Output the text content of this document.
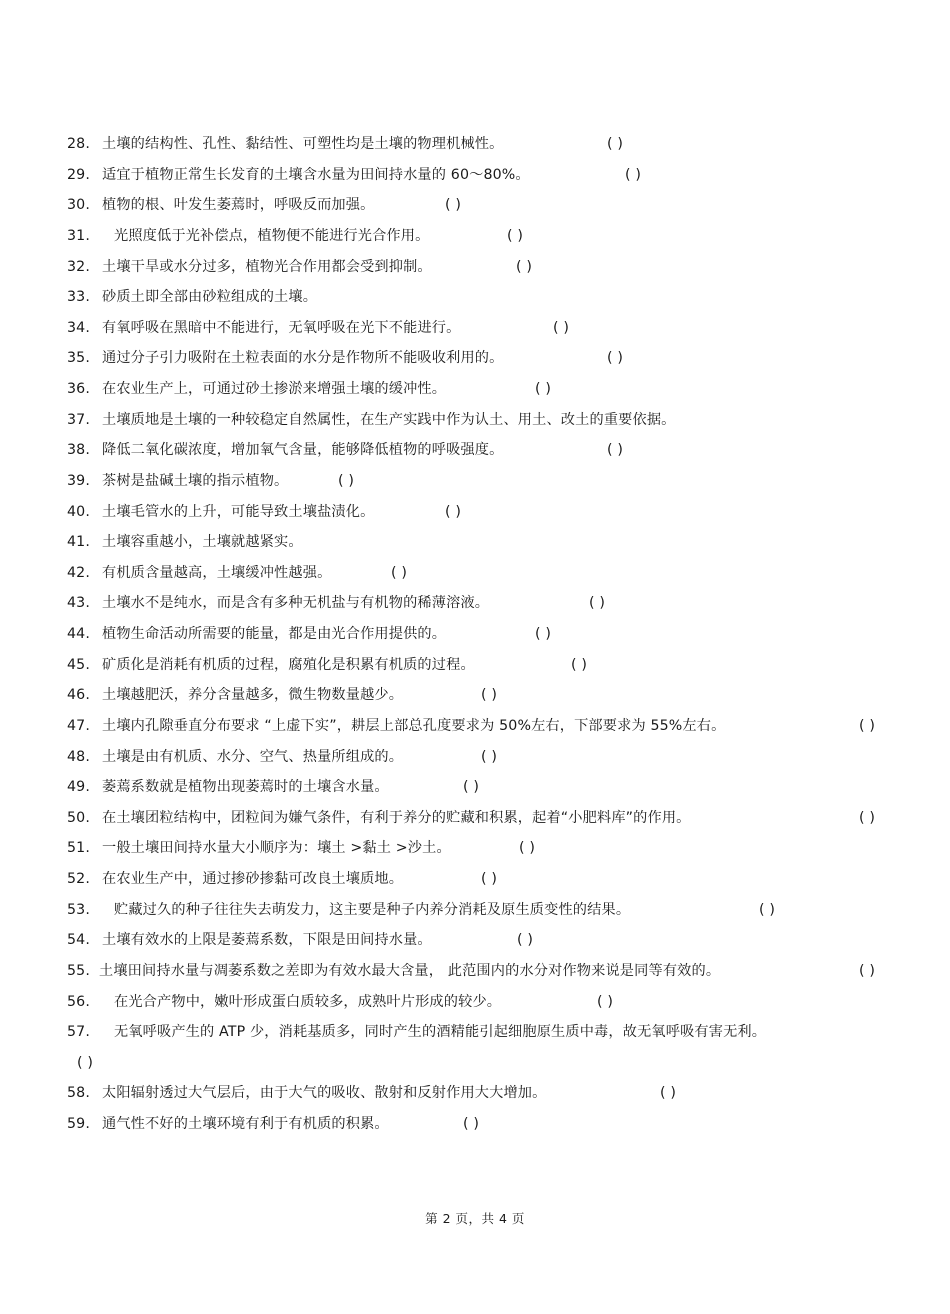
28. 土壤的结构性、孔性、黏结性、可塑性均是土壤的物理机械性。	( )
29. 适宜于植物正常生长发育的土壤含水量为田间持水量的 60～80%。	( )
30. 植物的根、叶发生萎蔫时，呼吸反而加强。	( )
31. 光照度低于光补偿点，植物便不能进行光合作用。	( )
32. 土壤干旱或水分过多，植物光合作用都会受到抑制。	( )
33. 砂质土即全部由砂粒组成的土壤。
34. 有氧呼吸在黑暗中不能进行，无氧呼吸在光下不能进行。	( )
35. 通过分子引力吸附在土粒表面的水分是作物所不能吸收利用的。	( )
36. 在农业生产上，可通过砂土掺淤来增强土壤的缓冲性。	( )
37. 土壤质地是土壤的一种较稳定自然属性，在生产实践中作为认土、用土、改土的重要依据。
38. 降低二氧化碳浓度，增加氧气含量，能够降低植物的呼吸强度。	( )
39. 茶树是盐碱土壤的指示植物。	( )
40. 土壤毛管水的上升，可能导致土壤盐渍化。	( )
41. 土壤容重越小，土壤就越紧实。
42. 有机质含量越高，土壤缓冲性越强。	( )
43. 土壤水不是纯水，而是含有多种无机盐与有机物的稀薄溶液。	( )
44. 植物生命活动所需要的能量，都是由光合作用提供的。	( )
45. 矿质化是消耗有机质的过程，腐殖化是积累有机质的过程。	( )
46. 土壤越肥沃，养分含量越多，微生物数量越少。	( )
47. 土壤内孔隙垂直分布要求 “上虚下实”，耕层上部总孔度要求为 50%左右，下部要求为 55%左右。	( )
48. 土壤是由有机质、水分、空气、热量所组成的。	( )
49. 萎蔫系数就是植物出现萎蔫时的土壤含水量。	( )
50. 在土壤团粒结构中，团粒间为嫌气条件，有利于养分的贮藏和积累，起着“小肥料库”的作用。	( )
51. 一般土壤田间持水量大小顺序为：壤土 >黏土 >沙土。	( )
52. 在农业生产中，通过掺砂掺黏可改良土壤质地。	( )
53. 贮藏过久的种子往往失去萌发力，这主要是种子内养分消耗及原生质变性的结果。	( )
54. 土壤有效水的上限是萎蔫系数，下限是田间持水量。	( )
55. 土壤田间持水量与凋萎系数之差即为有效水最大含量， 此范围内的水分对作物来说是同等有效的。	( )
56. 在光合产物中，嫩叶形成蛋白质较多，成熟叶片形成的较少。	( )
57. 无氧呼吸产生的 ATP 少，消耗基质多，同时产生的酒精能引起细胞原生质中毒，故无氧呼吸有害无利。
( )
58. 太阳辐射透过大气层后，由于大气的吸收、散射和反射作用大大增加。	( )
59. 通气性不好的土壤环境有利于有机质的积累。	( )
第 2 页，共 4 页
